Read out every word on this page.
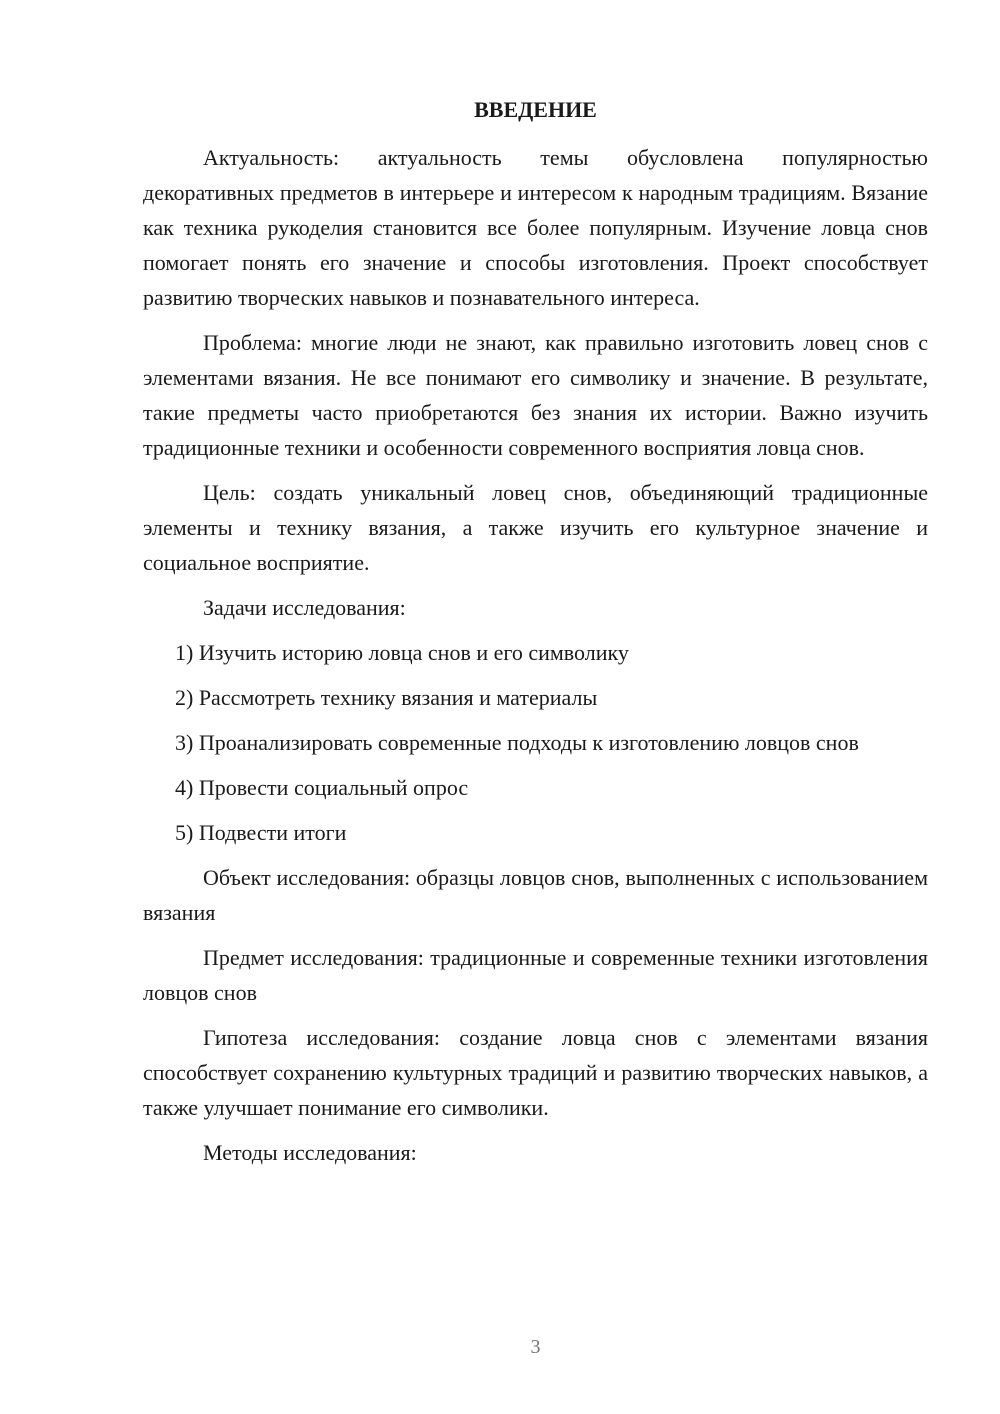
ВВЕДЕНИЕ

Актуальность: актуальность темы обусловлена популярностью декоративных предметов в интерьере и интересом к народным традициям. Вязание как техника рукоделия становится все более популярным. Изучение ловца снов помогает понять его значение и способы изготовления. Проект способствует развитию творческих навыков и познавательного интереса.

Проблема: многие люди не знают, как правильно изготовить ловец снов с элементами вязания. Не все понимают его символику и значение. В результате, такие предметы часто приобретаются без знания их истории. Важно изучить традиционные техники и особенности современного восприятия ловца снов.

Цель: создать уникальный ловец снов, объединяющий традиционные элементы и технику вязания, а также изучить его культурное значение и социальное восприятие.

Задачи исследования:

1) Изучить историю ловца снов и его символику

2) Рассмотреть технику вязания и материалы

3) Проанализировать современные подходы к изготовлению ловцов снов

4) Провести социальный опрос

5) Подвести итоги

Объект исследования: образцы ловцов снов, выполненных с использованием вязания

Предмет исследования: традиционные и современные техники изготовления ловцов снов

Гипотеза исследования: создание ловца снов с элементами вязания способствует сохранению культурных традиций и развитию творческих навыков, а также улучшает понимание его символики.

Методы исследования:

3
